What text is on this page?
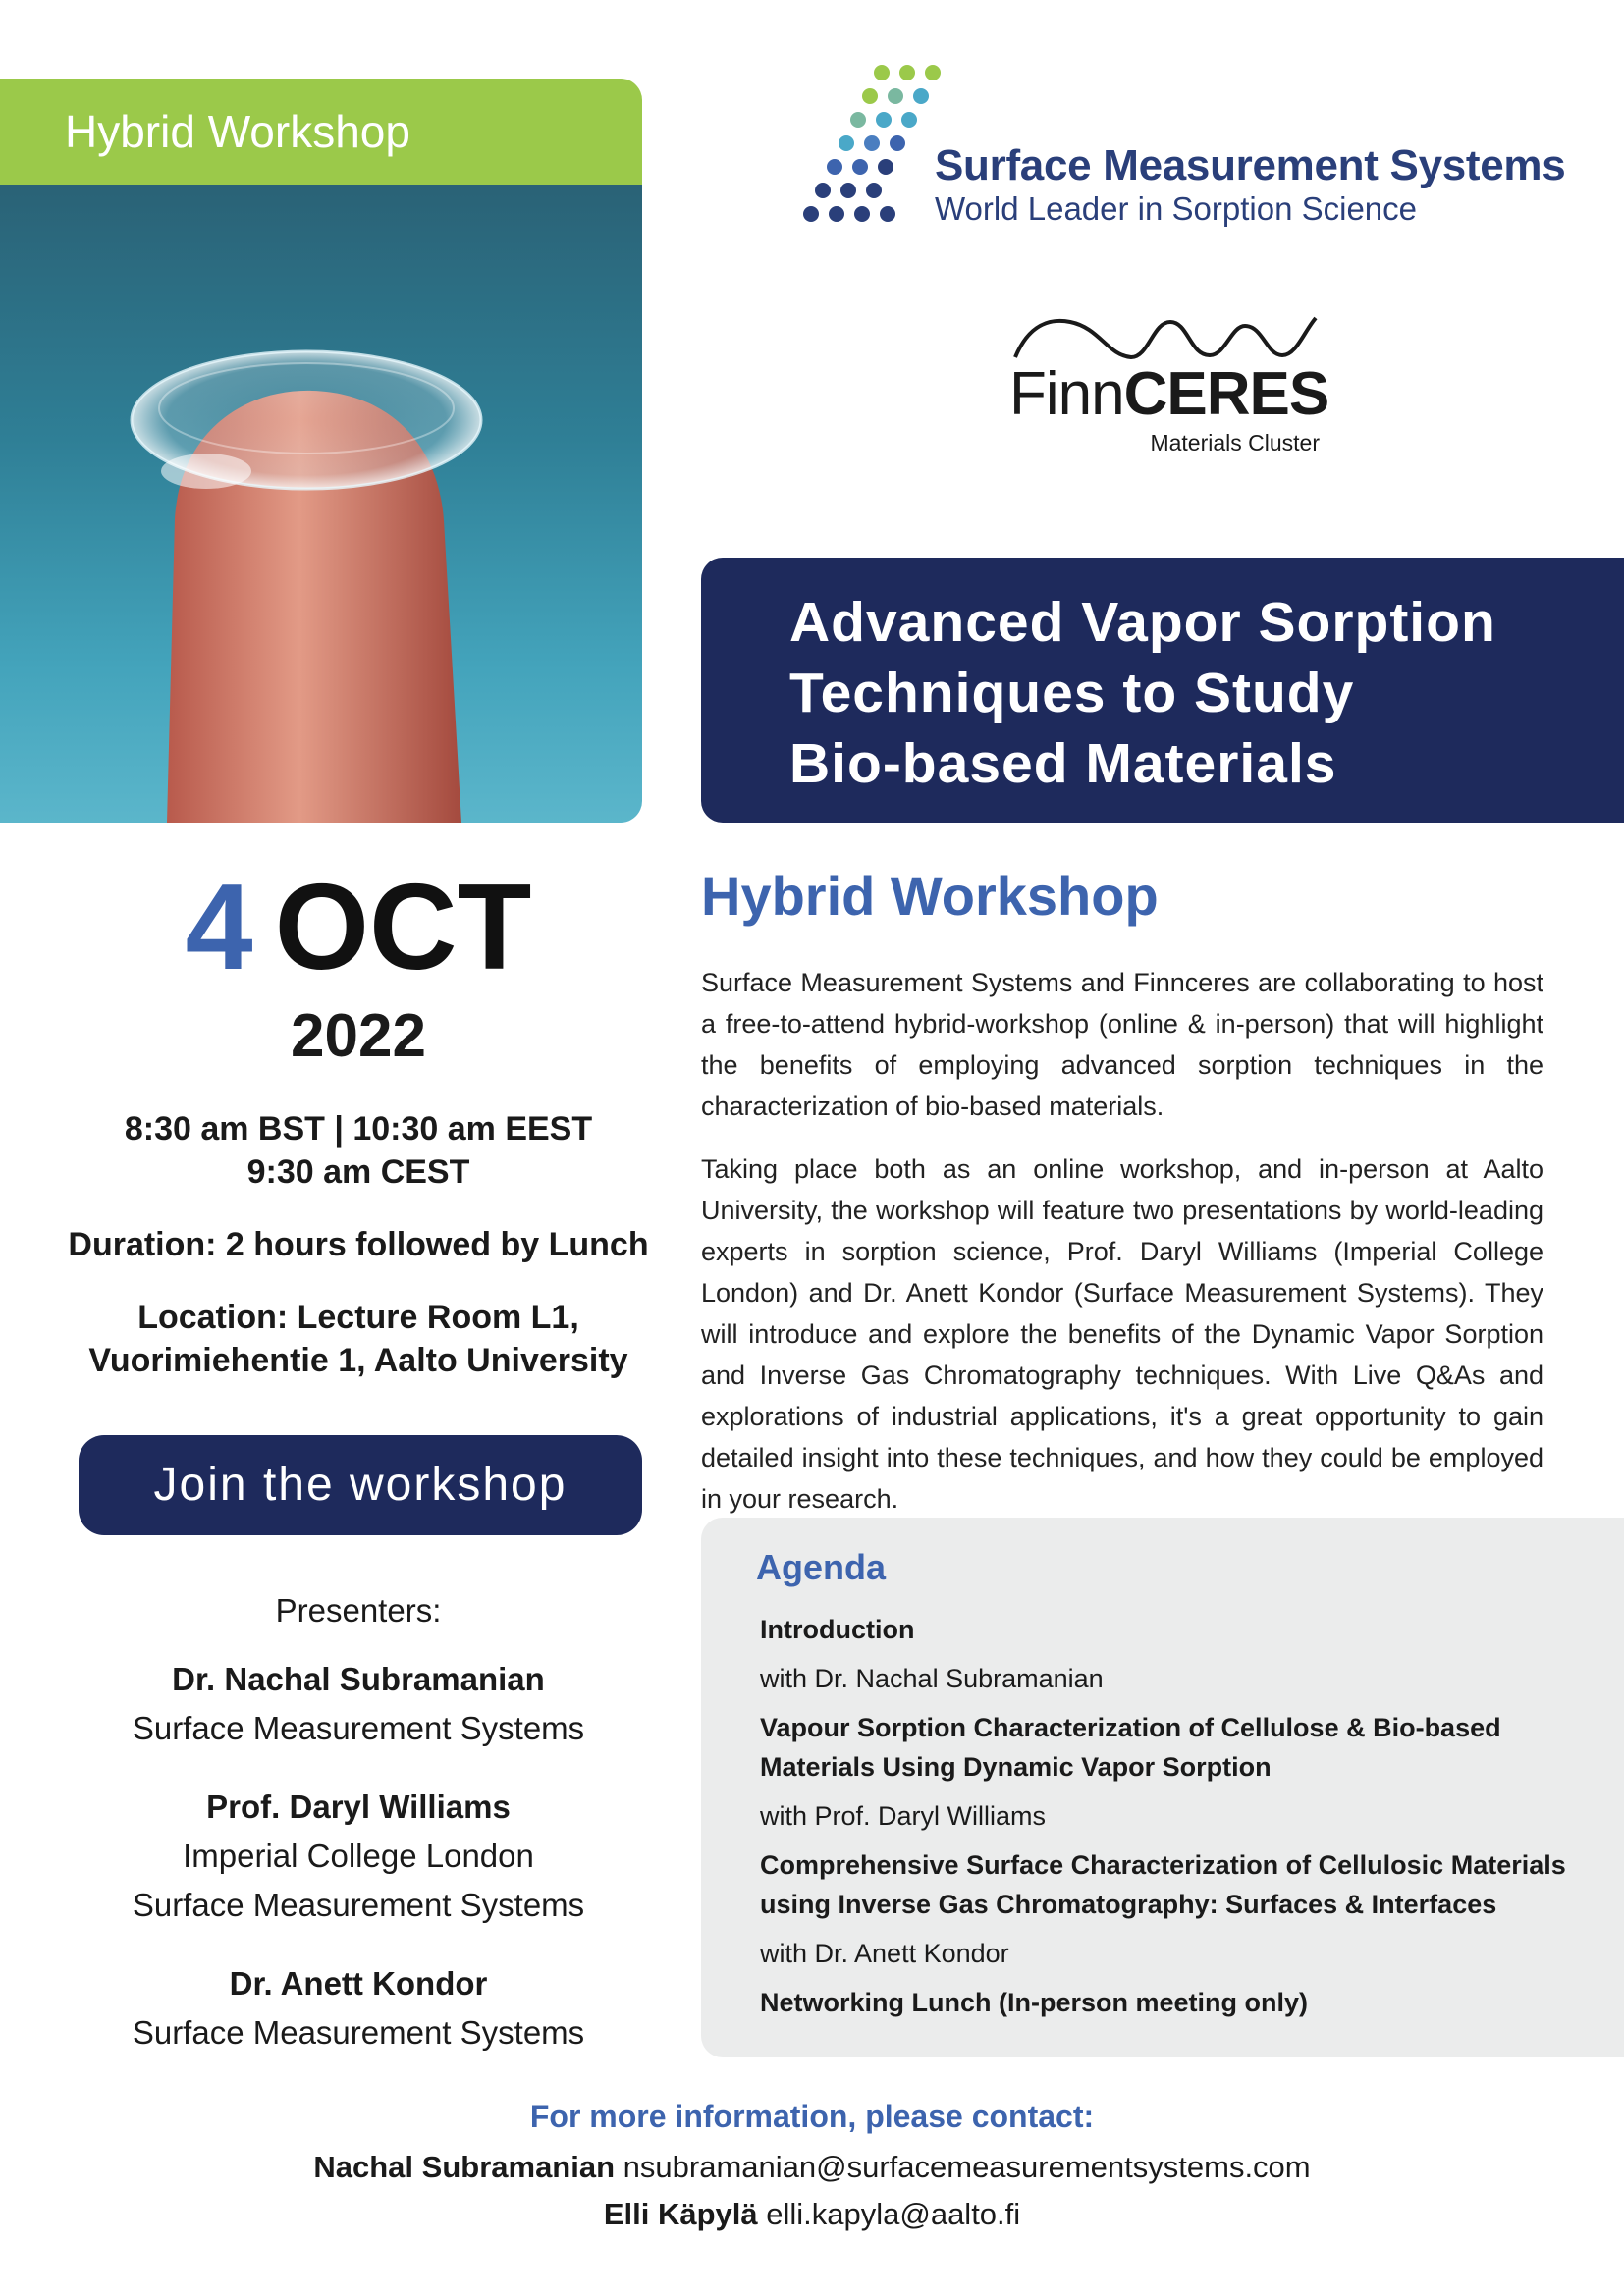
Hybrid Workshop
Surface Measurement Systems
World Leader in Sorption Science
FinnCERES
Materials Cluster
Advanced Vapor Sorption
Techniques to Study
Bio-based Materials
4 OCT
2022
8:30 am BST | 10:30 am EEST
9:30 am CEST
Duration: 2 hours followed by Lunch
Location: Lecture Room L1,
Vuorimiehentie 1, Aalto University
Join the workshop
Presenters:
Dr. Nachal Subramanian
Surface Measurement Systems
Prof. Daryl Williams
Imperial College London
Surface Measurement Systems
Dr. Anett Kondor
Surface Measurement Systems
Hybrid Workshop

Surface Measurement Systems and Finnceres are collaborating to host a free-to-attend hybrid-workshop (online & in-person) that will highlight the benefits of employing advanced sorption techniques in the characterization of bio-based materials.

Taking place both as an online workshop, and in-person at Aalto University, the workshop will feature two presentations by world-leading experts in sorption science, Prof. Daryl Williams (Imperial College London) and Dr. Anett Kondor (Surface Measurement Systems). They will introduce and explore the benefits of the Dynamic Vapor Sorption and Inverse Gas Chromatography techniques. With Live Q&As and explorations of industrial applications, it's a great opportunity to gain detailed insight into these techniques, and how they could be employed in your research.

Agenda
Introduction
with Dr. Nachal Subramanian
Vapour Sorption Characterization of Cellulose & Bio-based
Materials Using Dynamic Vapor Sorption
with Prof. Daryl Williams
Comprehensive Surface Characterization of Cellulosic Materials
using Inverse Gas Chromatography: Surfaces & Interfaces
with Dr. Anett Kondor
Networking Lunch (In-person meeting only)
For more information, please contact:
Nachal Subramanian nsubramanian@surfacemeasurementsystems.com
Elli Käpylä elli.kapyla@aalto.fi
